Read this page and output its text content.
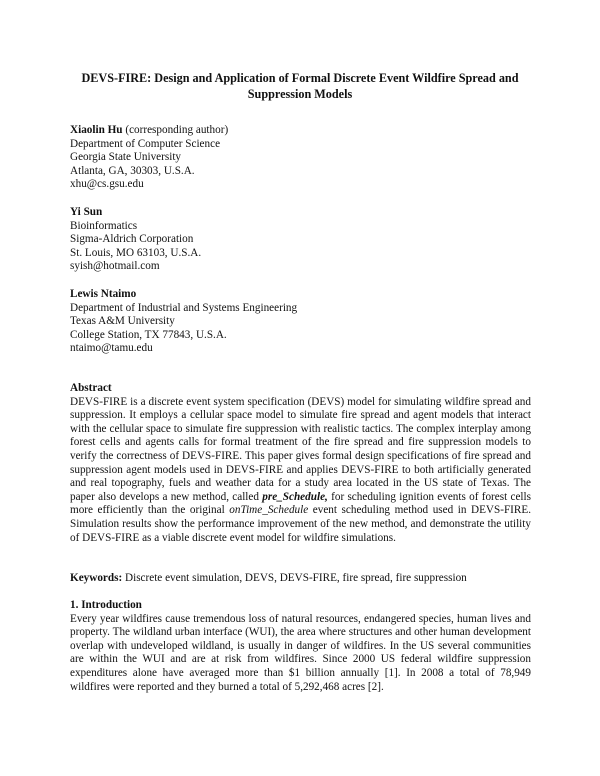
DEVS-FIRE: Design and Application of Formal Discrete Event Wildfire Spread and Suppression Models
Xiaolin Hu (corresponding author)
Department of Computer Science
Georgia State University
Atlanta, GA, 30303, U.S.A.
xhu@cs.gsu.edu
Yi Sun
Bioinformatics
Sigma-Aldrich Corporation
St. Louis, MO 63103, U.S.A.
syish@hotmail.com
Lewis Ntaimo
Department of Industrial and Systems Engineering
Texas A&M University
College Station, TX 77843, U.S.A.
ntaimo@tamu.edu
Abstract
DEVS-FIRE is a discrete event system specification (DEVS) model for simulating wildfire spread and suppression. It employs a cellular space model to simulate fire spread and agent models that interact with the cellular space to simulate fire suppression with realistic tactics. The complex interplay among forest cells and agents calls for formal treatment of the fire spread and fire suppression models to verify the correctness of DEVS-FIRE. This paper gives formal design specifications of fire spread and suppression agent models used in DEVS-FIRE and applies DEVS-FIRE to both artificially generated and real topography, fuels and weather data for a study area located in the US state of Texas. The paper also develops a new method, called pre_Schedule, for scheduling ignition events of forest cells more efficiently than the original onTime_Schedule event scheduling method used in DEVS-FIRE. Simulation results show the performance improvement of the new method, and demonstrate the utility of DEVS-FIRE as a viable discrete event model for wildfire simulations.
Keywords: Discrete event simulation, DEVS, DEVS-FIRE, fire spread, fire suppression
1. Introduction
Every year wildfires cause tremendous loss of natural resources, endangered species, human lives and property. The wildland urban interface (WUI), the area where structures and other human development overlap with undeveloped wildland, is usually in danger of wildfires. In the US several communities are within the WUI and are at risk from wildfires. Since 2000 US federal wildfire suppression expenditures alone have averaged more than $1 billion annually [1]. In 2008 a total of 78,949 wildfires were reported and they burned a total of 5,292,468 acres [2].
